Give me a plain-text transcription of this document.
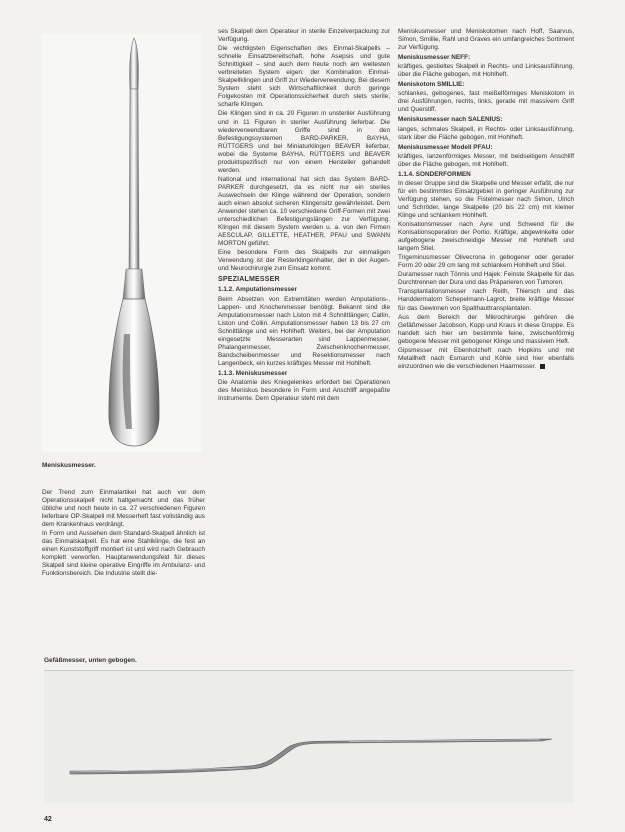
Meniskusmesser.

Der Trend zum Einmalartikel hat auch vor dem Operationsskalpell nicht haltgemacht und das früher übliche und noch heute in ca. 27 verschiedenen Figuren lieferbare OP-Skalpell mit Messerheft fast vollständig aus dem Krankenhaus verdrängt.

In Form und Aussehen dem Standard-Skalpell ähnlich ist das Einmalskalpell. Es hat eine Stahlklinge, die fest an einen Kunststoffgriff montiert ist und wird nach Gebrauch komplett verworfen. Hauptanwendungsfeld für dieses Skalpell sind kleine operative Eingriffe im Ambulanz- und Funktionsbereich. Die Industrie stellt die-

ses Skalpell dem Operateur in sterile Einzelverpackung zur Verfügung.

Die wichtigsten Eigenschaften des Einmal-Skalpells – schnelle Einsatzbereitschaft, hohe Asepsis und gute Schnittigkeit – sind auch dem heute noch am weitesten verbreiteten System eigen: der Kombination Einmal-Skalpellklingen und Griff zur Wiederverwendung. Bei diesem System steht sich Wirtschaftlichkeit durch geringe Folgekosten mit Operationssicherheit durch stets sterile, scharfe Klingen.

Die Klingen sind in ca. 20 Figuren in unsteriler Ausführung und in 11 Figuren in steriler Ausführung lieferbar. Die wiederverwendbaren Griffe sind in den Befestigungssystemen BARD-PARKER, BAYHA, RÜTTGERS und bei Miniaturklingen BEAVER lieferbar, wobei die Systeme BAYHA, RÜTTGERS und BEAVER produktspezifisch nur von einem Hersteller gehandelt werden.

National und international hat sich das System BARD-PARKER durchgesetzt, da es nicht nur ein steriles Auswechseln der Klinge während der Operation, sondern auch einen absolut sicheren Klingensitz gewährleistet. Dem Anwender stehen ca. 10 verschiedene Griff-Formen mit zwei unterschiedlichen Befestigungslängen zur Verfügung. Klingen mit diesem System werden u. a. von den Firmen AESCULAP, GILLETTE, HEATHER, PFAU und SWANN MORTON geführt.

Eine besondere Form des Skalpells zur einmaligen Verwendung ist der Resterklingenhalter, der in der Augen- und Neurochirurgie zum Einsatz kommt.

SPEZIALMESSER

1.1.2. Amputationsmesser

Beim Absetzen von Extremitäten werden Amputations-, Lappen- und Knochenmesser benötigt. Bekannt sind die Amputationsmesser nach Liston mit 4 Schnittlängen; Catlin, Liston und Collin. Amputationsmesser haben 13 bis 27 cm Schnittlänge und ein Hohlheft. Weiters, bei der Amputation eingesetzte Messerarten sind Lappenmesser, Phalangenmesser, Zwischenknochenmesser, Bandscheibenmesser und Resektionsmesser nach Langenbeck, ein kurzes kräftiges Messer mit Hohlheft.

1.1.3. Meniskusmesser

Die Anatomie des Kniegelenkes erfordert bei Operationen des Meniskus besondere in Form und Anschliff angepaßte Instrumente. Dem Operateur steht mit dem

Meniskusmesser und Meniskotomen nach Hoff, Saarvus, Simon, Smillie, Rahl und Graves ein umfangreiches Sortiment zur Verfügung.

Meniskusmesser NEFF:

kräftiges, gestieltes Skalpell in Rechts- und Linksausführung, über die Fläche gebogen, mit Hohlheft.

Meniskotom SMILLIE:

schlankes, gebogenes, fast meißelförmiges Meniskotom in drei Ausführungen, rechts, links, gerade mit massivem Griff und Querstiff.

Meniskusmesser nach SALENIUS:

langes, schmales Skalpell, in Rechts- oder Linksausführung, stark über die Fläche gebogen, mit Hohlheft.

Meniskusmesser Modell PFAU:

kräftiges, lanzenförmiges Messer, mit beidseitigem Anschliff über die Fläche gebogen, mit Hohlheft.

1.1.4. SONDERFORMEN

In dieser Gruppe sind die Skalpelle und Messer erfaßt, die nur für ein bestimmtes Einsatzgebiet in geringer Ausführung zur Verfügung stehen, so die Fistelmesser nach Simon, Ulrich und Schröder, lange Skalpelle (20 bis 22 cm) mit kleiner Klinge und schlankem Hohlheft.

Konisationsmesser nach Ayre und Schwend für die Konisationsoperation der Portio. Kräftige, abgewinkelte oder aufgebogene zweischneidige Messer mit Hohlheft und langem Stiel.

Trigeminusmesser Olivecrona in gebogener oder gerader Form 20 oder 29 cm lang mit schlankem Hohlheft und Stiel.

Duramesser nach Tönnis und Hajek: Feinste Skalpelle für das Durchtrennen der Dura und das Präparieren von Tumoren.

Transplantationsmesser nach Reith, Thiersch und das Handdermatom Schepelmann-Lagrot, breite kräftige Messer für das Gewinnen von Spalthauttransplantaten.

Aus dem Bereich der Mikrochirurgie gehören die Gefäßmesser Jacobson, Kopp und Kraus in diese Gruppe. Es handelt sich hier um bestimmte feine, zwischenförmig gebogene Messer mit gebogener Klinge und massivem Heft.

Gipsmesser mit Ebenholzheft nach Hopkins und mit Metallheft nach Esmarch und Köhle sind hier ebenfalls einzuordnen wie die verschiedenen Haarmesser.

Gefäßmesser, unten gebogen.
42
